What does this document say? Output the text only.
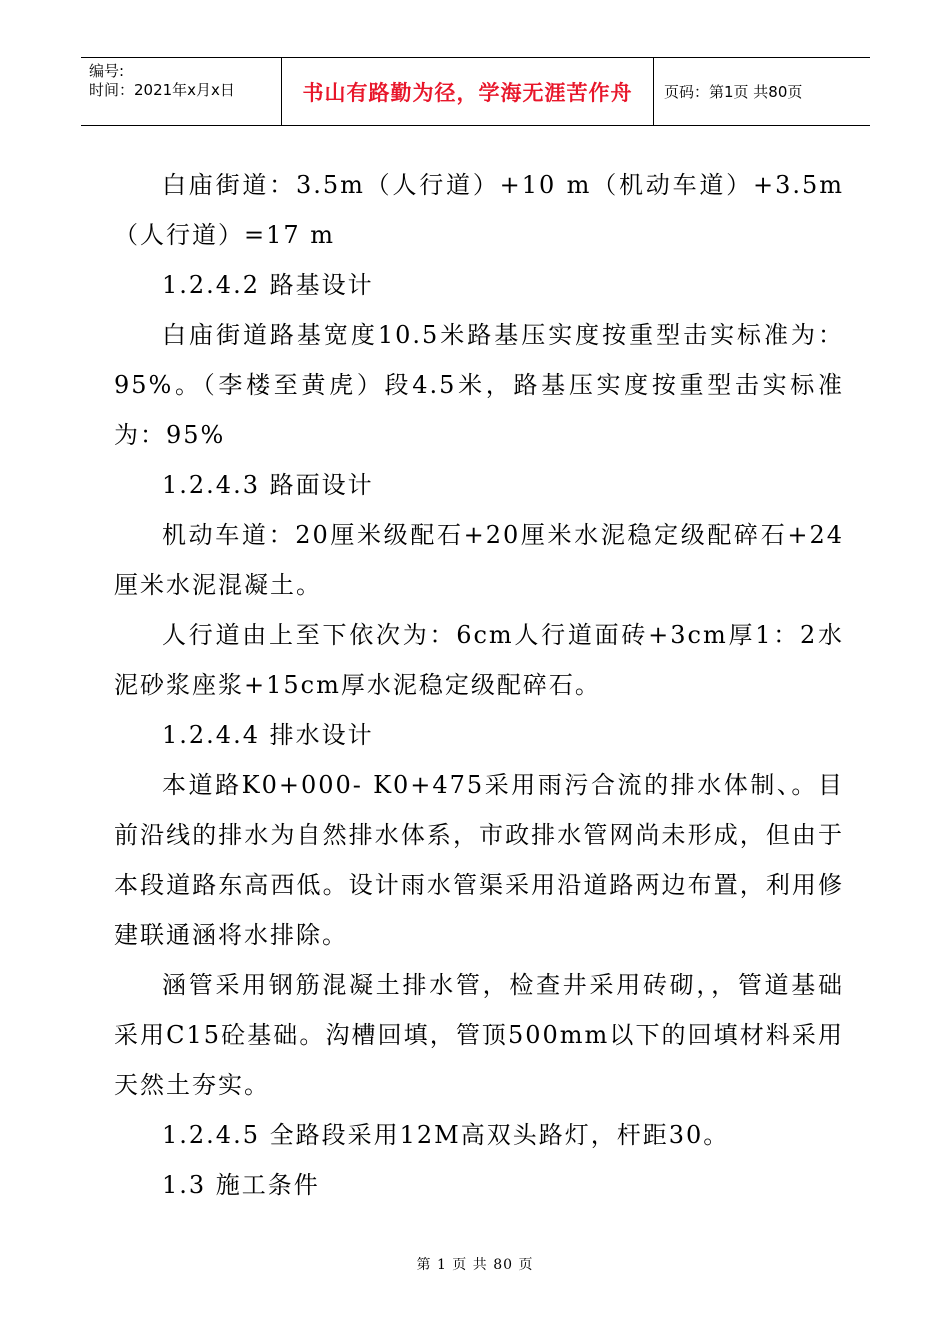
编号:
时间：2021年x月x日	书山有路勤为径，学海无涯苦作舟	页码：第1页 共80页

白庙街道：3.5m（人行道）+10 m（机动车道）+3.5m（人行道）=17 m

1.2.4.2 路基设计

白庙街道路基宽度10.5米路基压实度按重型击实标准为：95%。（李楼至黄虎）段4.5米，路基压实度按重型击实标准为：95%

1.2.4.3 路面设计

机动车道：20厘米级配石+20厘米水泥稳定级配碎石+24厘米水泥混凝土。

人行道由上至下依次为：6cm人行道面砖+3cm厚1：2水泥砂浆座浆+15cm厚水泥稳定级配碎石。

1.2.4.4 排水设计

本道路K0+000- K0+475采用雨污合流的排水体制、。目前沿线的排水为自然排水体系，市政排水管网尚未形成，但由于本段道路东高西低。设计雨水管渠采用沿道路两边布置，利用修建联通涵将水排除。

涵管采用钢筋混凝土排水管，检查井采用砖砌，，管道基础采用C15砼基础。沟槽回填，管顶500mm以下的回填材料采用天然土夯实。

1.2.4.5 全路段采用12M高双头路灯，杆距30。

1.3 施工条件

第 1 页 共 80 页
